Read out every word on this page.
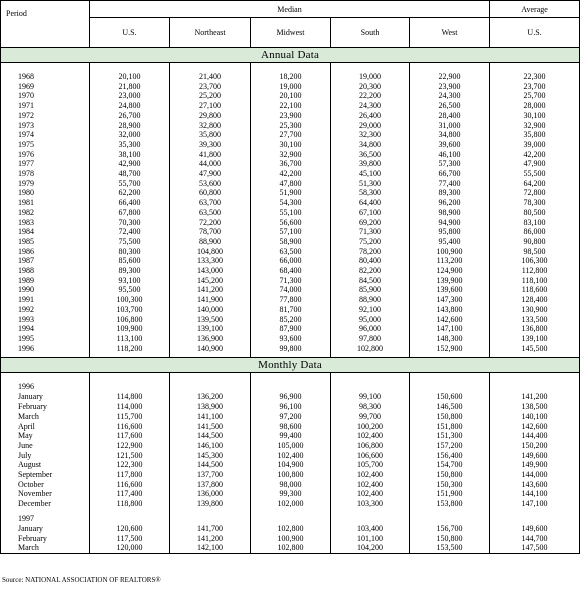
Period	Median					Average
	U.S.	Northeast	Midwest	South	West	U.S.
Annual Data						

1968	20,100	21,400	18,200	19,000	22,900	22,300
1969	21,800	23,700	19,000	20,300	23,900	23,700
1970	23,000	25,200	20,100	22,200	24,300	25,700
1971	24,800	27,100	22,100	24,300	26,500	28,000
1972	26,700	29,800	23,900	26,400	28,400	30,100
1973	28,900	32,800	25,300	29,000	31,000	32,900
1974	32,000	35,800	27,700	32,300	34,800	35,800
1975	35,300	39,300	30,100	34,800	39,600	39,000
1976	38,100	41,800	32,900	36,500	46,100	42,200
1977	42,900	44,000	36,700	39,800	57,300	47,900
1978	48,700	47,900	42,200	45,100	66,700	55,500
1979	55,700	53,600	47,800	51,300	77,400	64,200
1980	62,200	60,800	51,900	58,300	89,300	72,800
1981	66,400	63,700	54,300	64,400	96,200	78,300
1982	67,800	63,500	55,100	67,100	98,900	80,500
1983	70,300	72,200	56,600	69,200	94,900	83,100
1984	72,400	78,700	57,100	71,300	95,800	86,000
1985	75,500	88,900	58,900	75,200	95,400	90,800
1986	80,300	104,800	63,500	78,200	100,900	98,500
1987	85,600	133,300	66,000	80,400	113,200	106,300
1988	89,300	143,000	68,400	82,200	124,900	112,800
1989	93,100	145,200	71,300	84,500	139,900	118,100
1990	95,500	141,200	74,000	85,900	139,600	118,600
1991	100,300	141,900	77,800	88,900	147,300	128,400
1992	103,700	140,000	81,700	92,100	143,800	130,900
1993	106,800	139,500	85,200	95,000	142,600	133,500
1994	109,900	139,100	87,900	96,000	147,100	136,800
1995	113,100	136,900	93,600	97,800	148,300	139,100
1996	118,200	140,900	99,800	102,800	152,900	145,500

Monthly Data						

1996						
January	114,800	136,200	96,900	99,100	150,600	141,200
February	114,000	138,900	96,100	98,300	146,500	138,500
March	115,700	141,100	97,200	99,700	150,800	140,100
April	116,600	141,500	98,600	100,200	151,800	142,600
May	117,600	144,500	99,400	102,400	151,300	144,400
June	122,900	146,100	105,000	106,800	157,200	150,200
July	121,500	145,300	102,400	106,600	156,400	149,600
August	122,300	144,500	104,900	105,700	154,700	149,900
September	117,800	137,700	100,800	102,400	150,800	144,000
October	116,600	137,800	98,000	102,400	150,300	143,600
November	117,400	136,000	99,300	102,400	151,900	144,100
December	118,800	139,800	102,000	103,300	153,800	147,100

1997						
January	120,600	141,700	102,800	103,400	156,700	149,600
February	117,500	141,200	100,900	101,100	150,800	144,700
March	120,000	142,100	102,800	104,200	153,500	147,500
Source: NATIONAL ASSOCIATION OF REALTORS®
